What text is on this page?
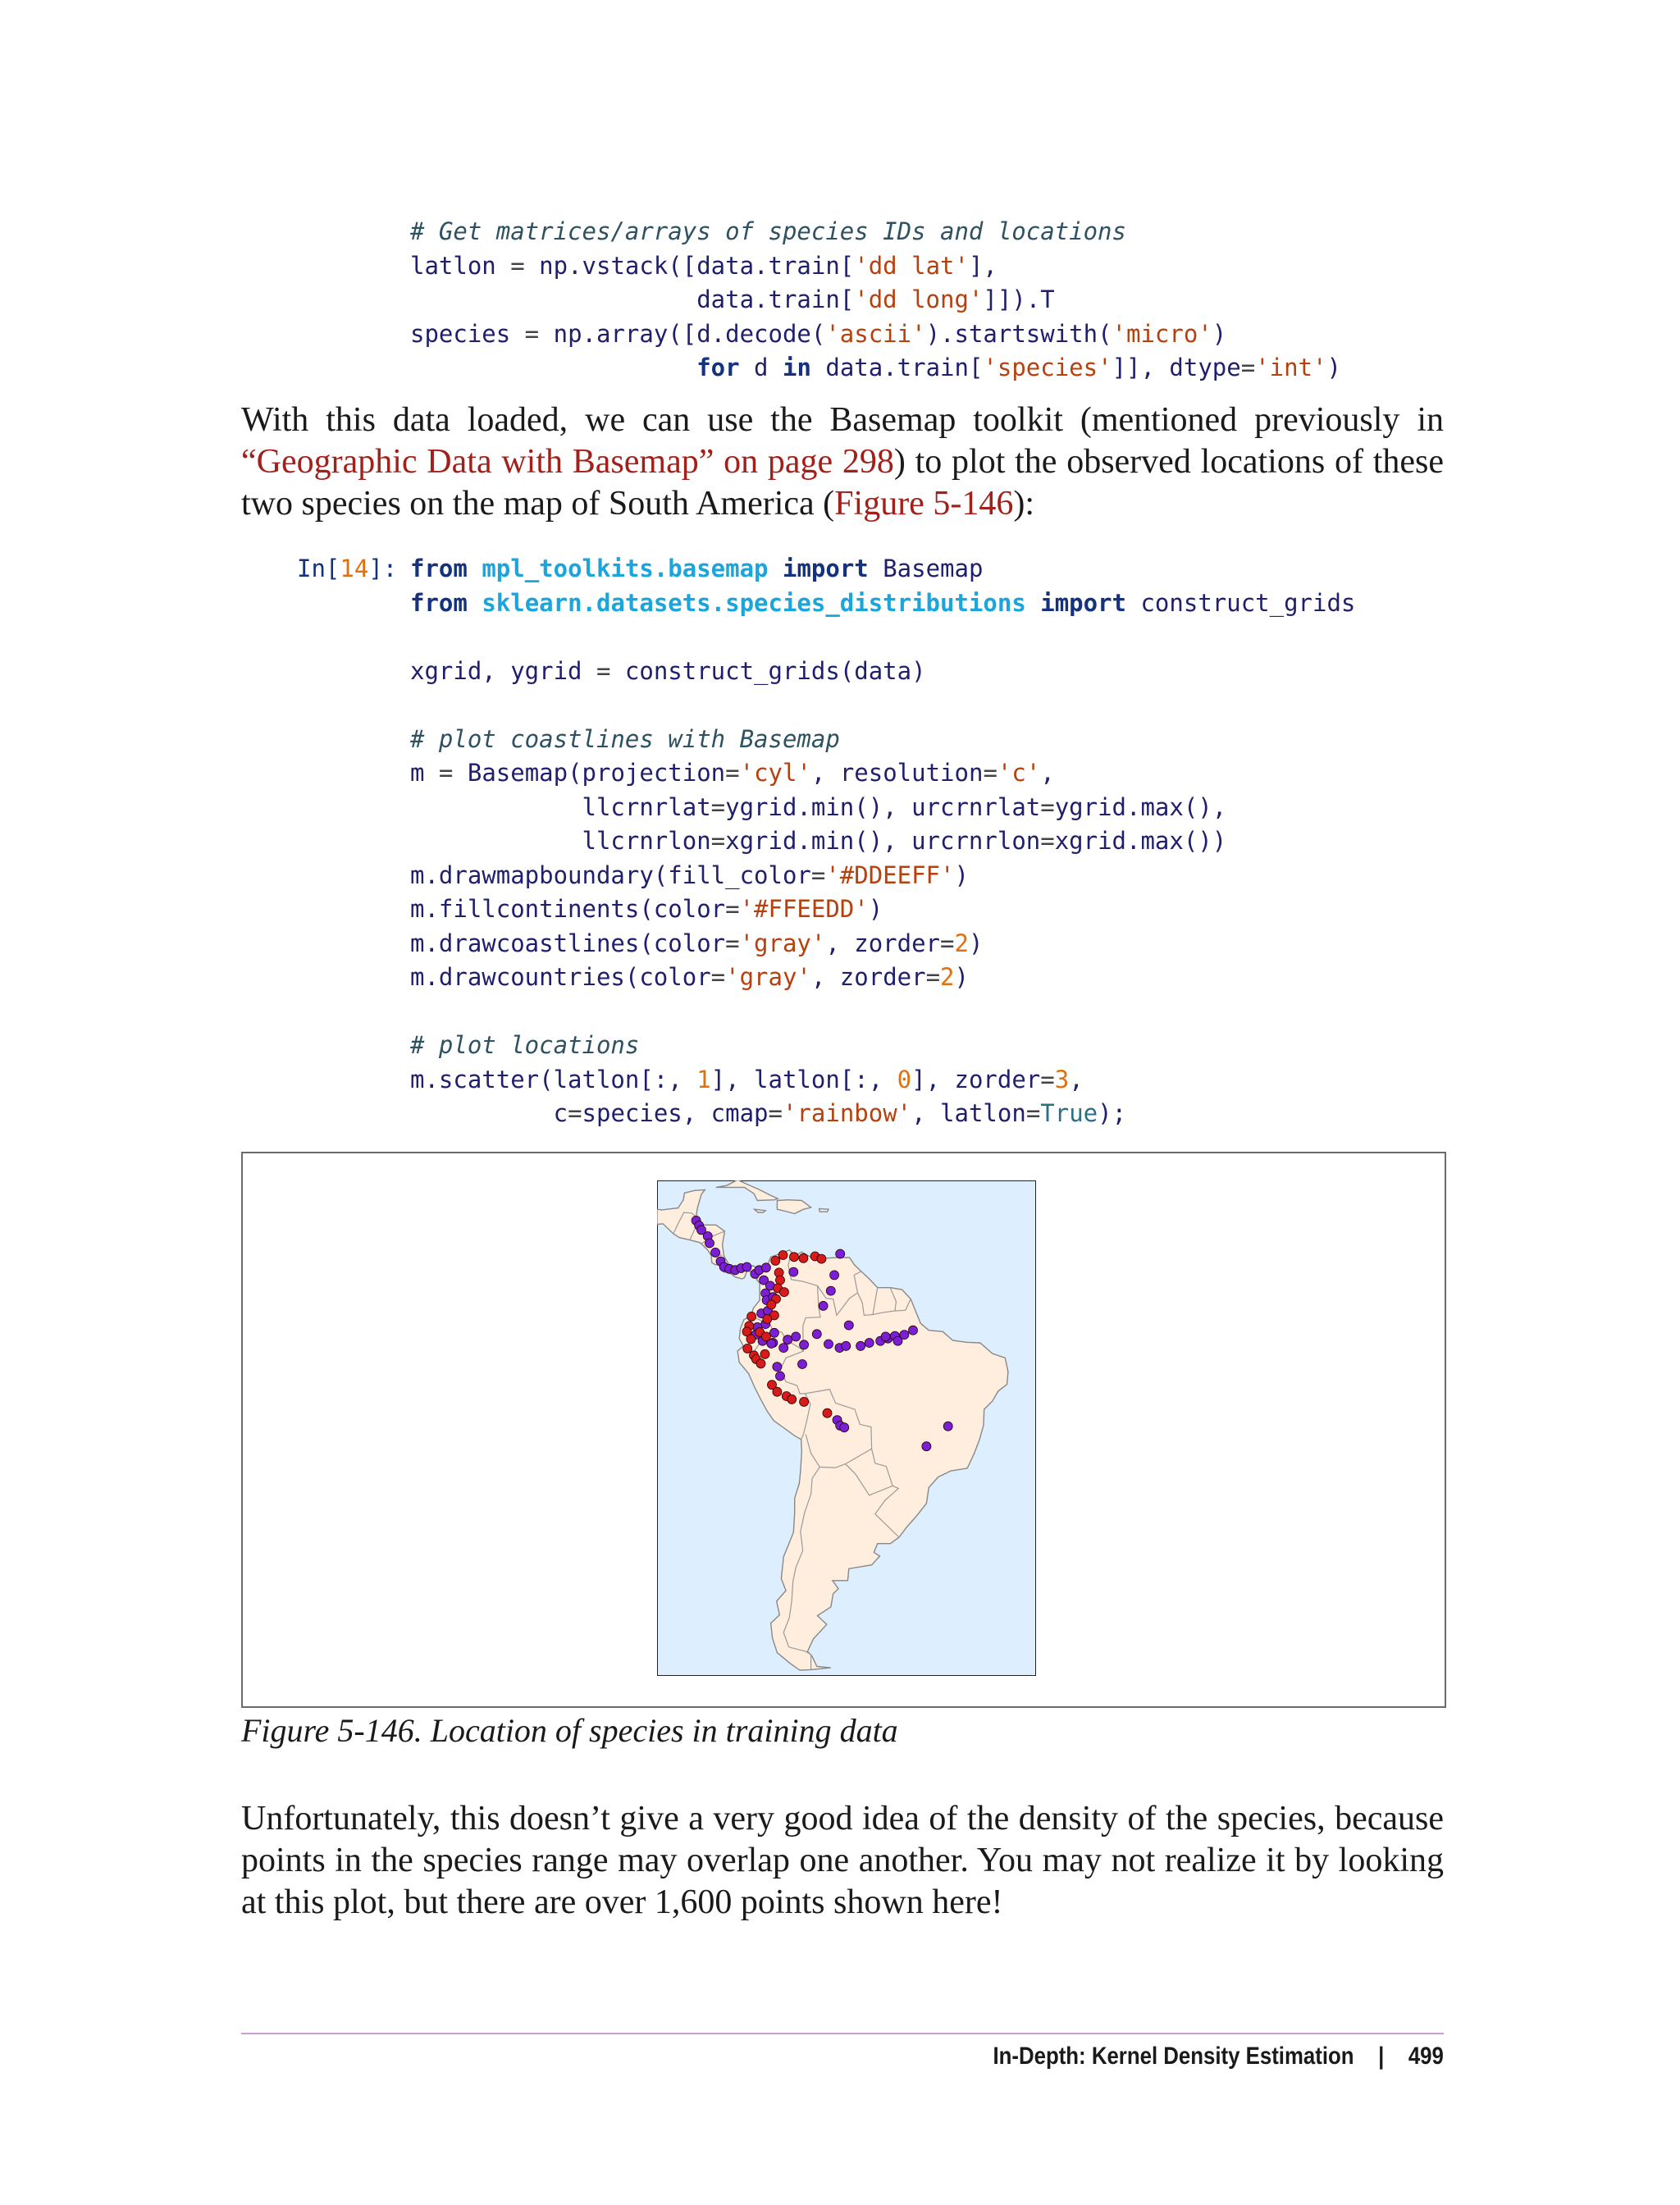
# Get matrices/arrays of species IDs and locations
latlon = np.vstack([data.train['dd lat'],
data.train['dd long']]).T
species = np.array([d.decode('ascii').startswith('micro')
for d in data.train['species']], dtype='int')

With this data loaded, we can use the Basemap toolkit (mentioned previously in “Geographic Data with Basemap” on page 298) to plot the observed locations of these two species on the map of South America (Figure 5-146):

In[14]:

from mpl_toolkits.basemap import Basemap
from sklearn.datasets.species_distributions import construct_grids

xgrid, ygrid = construct_grids(data)

# plot coastlines with Basemap
m = Basemap(projection='cyl', resolution='c',
llcrnrlat=ygrid.min(), urcrnrlat=ygrid.max(),
llcrnrlon=xgrid.min(), urcrnrlon=xgrid.max())
m.drawmapboundary(fill_color='#DDEEFF')
m.fillcontinents(color='#FFEEDD')
m.drawcoastlines(color='gray', zorder=2)
m.drawcountries(color='gray', zorder=2)

# plot locations
m.scatter(latlon[:, 1], latlon[:, 0], zorder=3,
c=species, cmap='rainbow', latlon=True);

Figure 5-146. Location of species in training data

Unfortunately, this doesn’t give a very good idea of the density of the species, because points in the species range may overlap one another. You may not realize it by looking at this plot, but there are over 1,600 points shown here!

In-Depth: Kernel Density Estimation | 499
